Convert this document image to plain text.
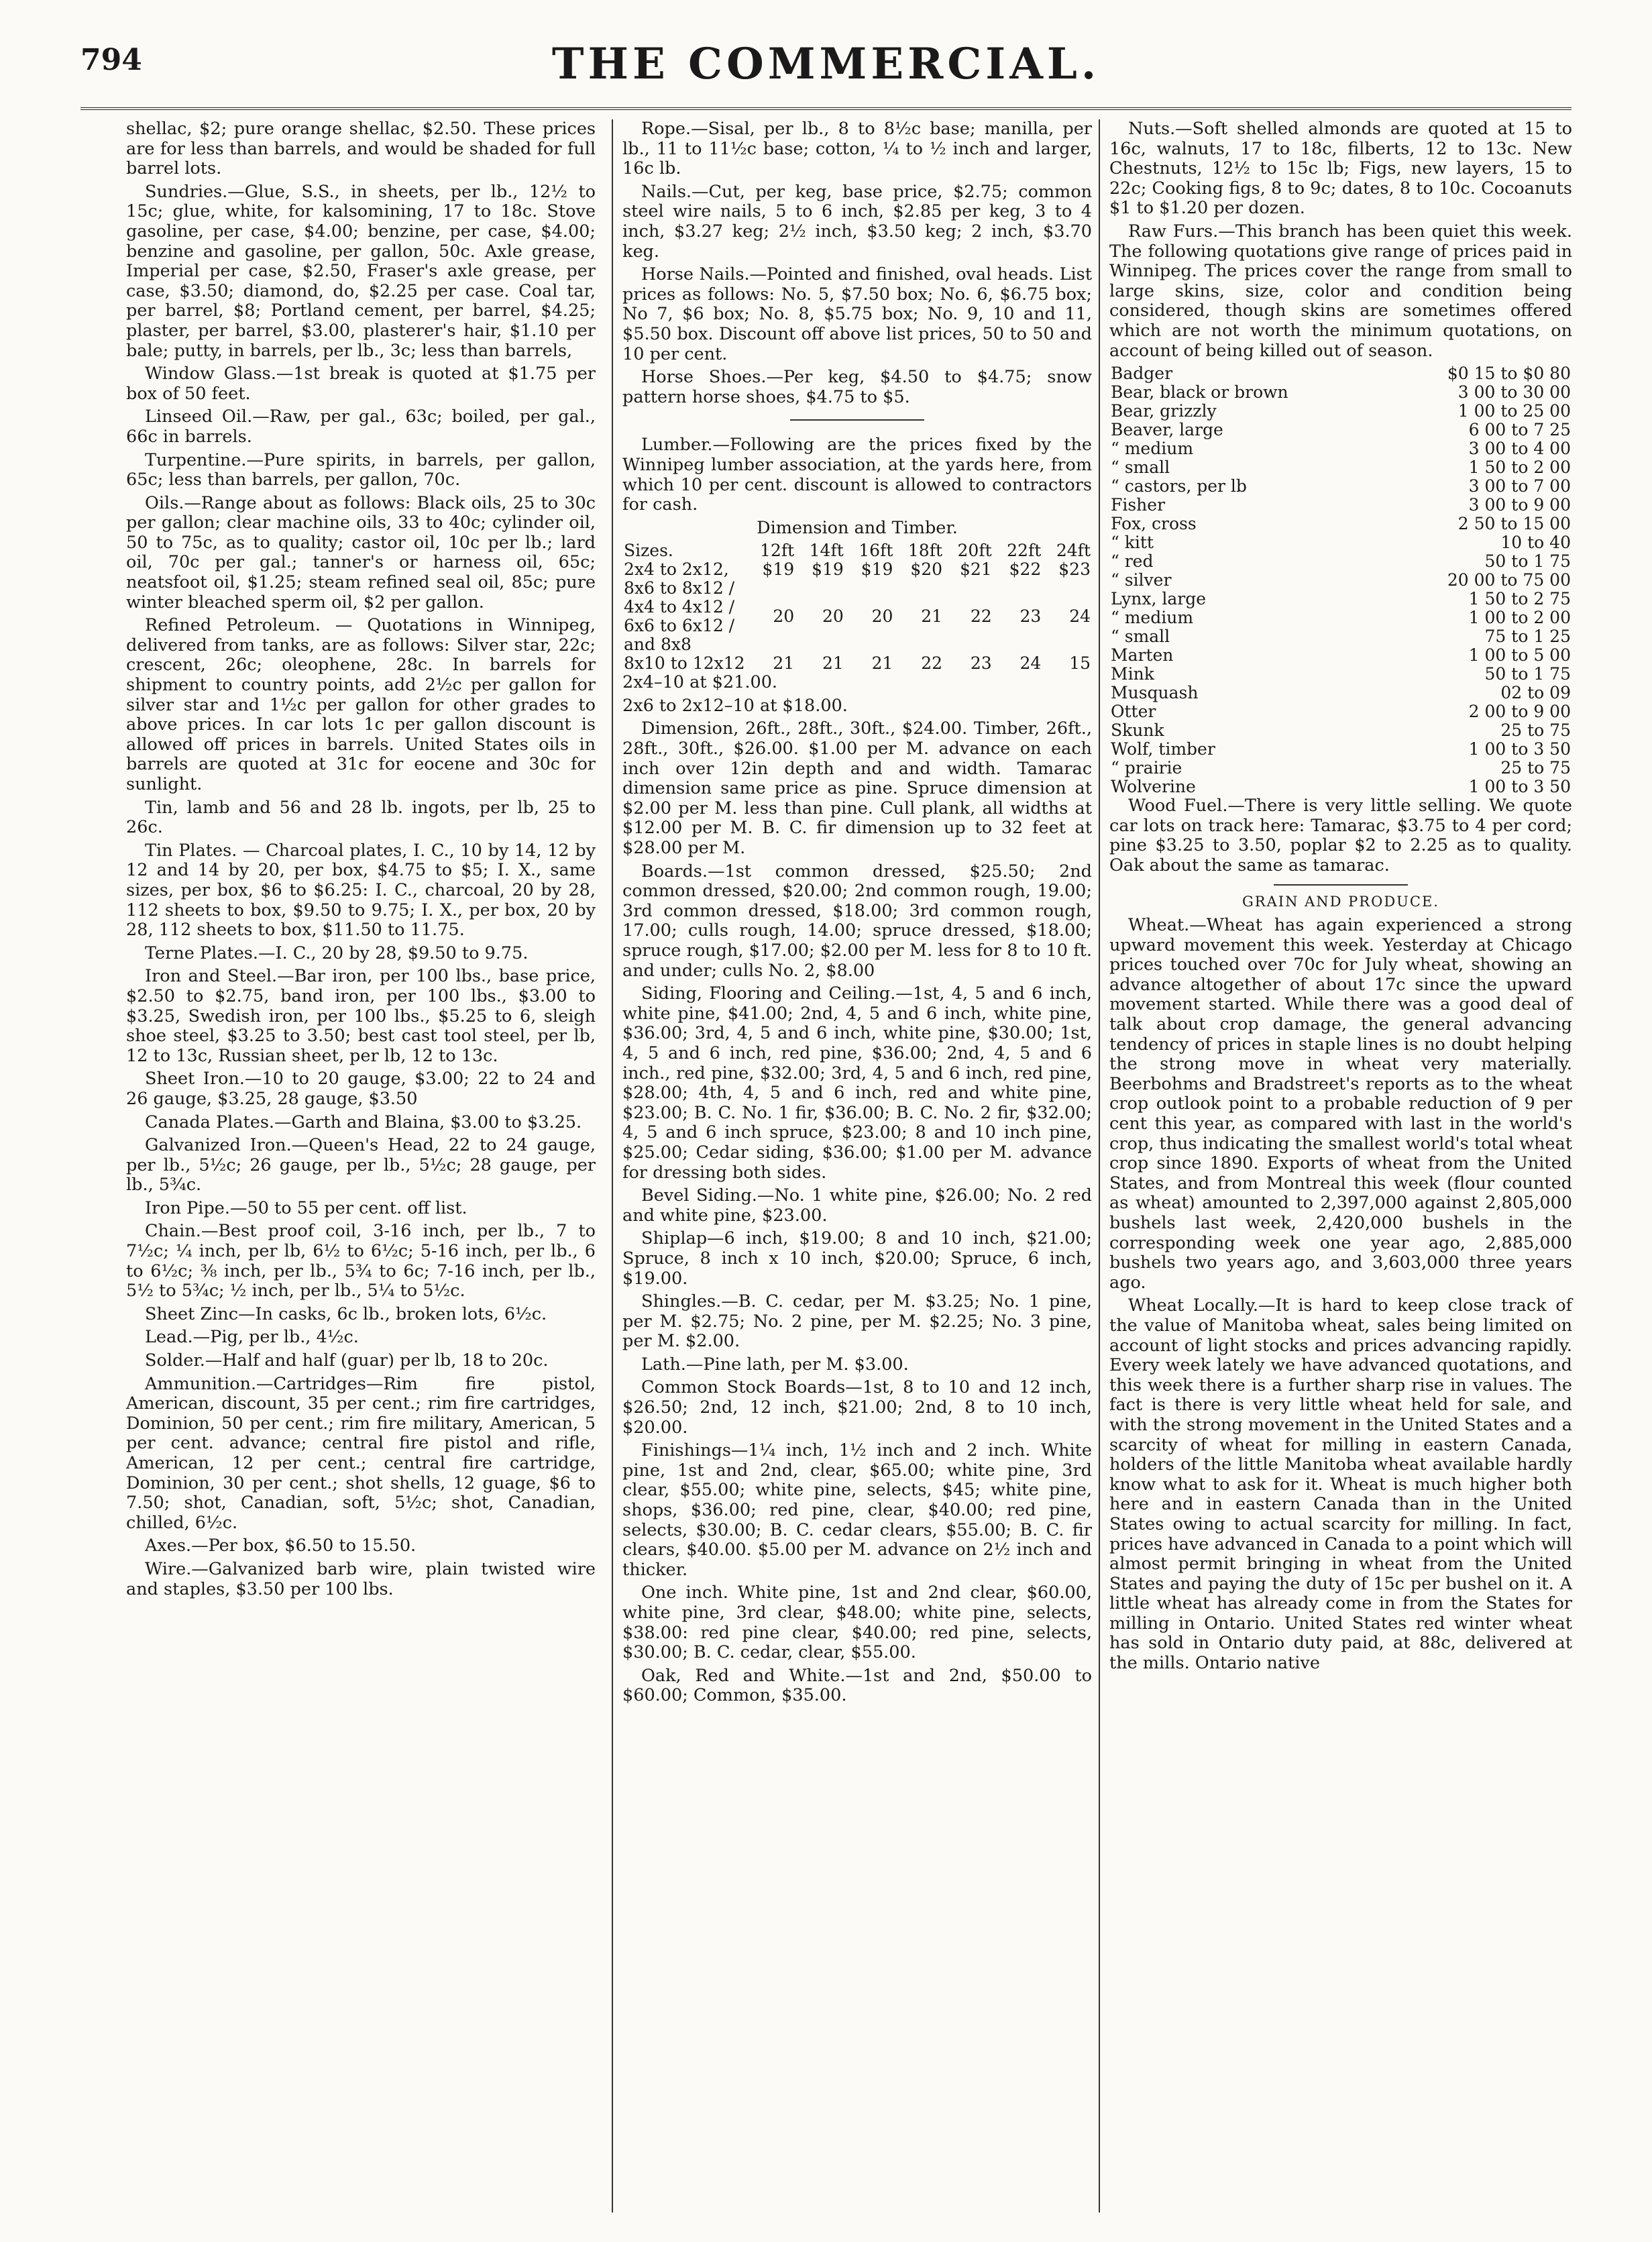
794	THE COMMERCIAL.

shellac, $2; pure orange shellac, $2.50. These prices are for less than barrels, and would be shaded for full barrel lots.

Sundries.—Glue, S.S., in sheets, per lb., 12½ to 15c; glue, white, for kalsomining, 17 to 18c. Stove gasoline, per case, $4.00; benzine, per case, $4.00; benzine and gasoline, per gallon, 50c. Axle grease, Imperial per case, $2.50, Fraser's axle grease, per case, $3.50; diamond, do, $2.25 per case. Coal tar, per barrel, $8; Portland cement, per barrel, $4.25; plaster, per barrel, $3.00, plasterer's hair, $1.10 per bale; putty, in barrels, per lb., 3c; less than barrels,

Window Glass.—1st break is quoted at $1.75 per box of 50 feet.

Linseed Oil.—Raw, per gal., 63c; boiled, per gal., 66c in barrels.

Turpentine.—Pure spirits, in barrels, per gallon, 65c; less than barrels, per gallon, 70c.

Oils.—Range about as follows: Black oils, 25 to 30c per gallon; clear machine oils, 33 to 40c; cylinder oil, 50 to 75c, as to quality; castor oil, 10c per lb.; lard oil, 70c per gal.; tanner's or harness oil, 65c; neatsfoot oil, $1.25; steam refined seal oil, 85c; pure winter bleached sperm oil, $2 per gallon.

Refined Petroleum. — Quotations in Winnipeg, delivered from tanks, are as follows: Silver star, 22c; crescent, 26c; oleophene, 28c. In barrels for shipment to country points, add 2½c per gallon for silver star and 1½c per gallon for other grades to above prices. In car lots 1c per gallon discount is allowed off prices in barrels. United States oils in barrels are quoted at 31c for eocene and 30c for sunlight.

Tin, lamb and 56 and 28 lb. ingots, per lb, 25 to 26c.

Tin Plates. — Charcoal plates, I. C., 10 by 14, 12 by 12 and 14 by 20, per box, $4.75 to $5; I. X., same sizes, per box, $6 to $6.25: I. C., charcoal, 20 by 28, 112 sheets to box, $9.50 to 9.75; I. X., per box, 20 by 28, 112 sheets to box, $11.50 to 11.75.

Terne Plates.—I. C., 20 by 28, $9.50 to 9.75.

Iron and Steel.—Bar iron, per 100 lbs., base price, $2.50 to $2.75, band iron, per 100 lbs., $3.00 to $3.25, Swedish iron, per 100 lbs., $5.25 to 6, sleigh shoe steel, $3.25 to 3.50; best cast tool steel, per lb, 12 to 13c, Russian sheet, per lb, 12 to 13c.

Sheet Iron.—10 to 20 gauge, $3.00; 22 to 24 and 26 gauge, $3.25, 28 gauge, $3.50

Canada Plates.—Garth and Blaina, $3.00 to $3.25.

Galvanized Iron.—Queen's Head, 22 to 24 gauge, per lb., 5½c; 26 gauge, per lb., 5½c; 28 gauge, per lb., 5¾c.

Iron Pipe.—50 to 55 per cent. off list.

Chain.—Best proof coil, 3-16 inch, per lb., 7 to 7½c; ¼ inch, per lb, 6½ to 6½c; 5-16 inch, per lb., 6 to 6½c; ⅜ inch, per lb., 5¾ to 6c; 7-16 inch, per lb., 5½ to 5¾c; ½ inch, per lb., 5¼ to 5½c.

Sheet Zinc—In casks, 6c lb., broken lots, 6½c.

Lead.—Pig, per lb., 4½c.

Solder.—Half and half (guar) per lb, 18 to 20c.

Ammunition.—Cartridges—Rim fire pistol, American, discount, 35 per cent.; rim fire cartridges, Dominion, 50 per cent.; rim fire military, American, 5 per cent. advance; central fire pistol and rifle, American, 12 per cent.; central fire cartridge, Dominion, 30 per cent.; shot shells, 12 guage, $6 to 7.50; shot, Canadian, soft, 5½c; shot, Canadian, chilled, 6½c.

Axes.—Per box, $6.50 to 15.50.

Wire.—Galvanized barb wire, plain twisted wire and staples, $3.50 per 100 lbs.

Rope.—Sisal, per lb., 8 to 8½c base; manilla, per lb., 11 to 11½c base; cotton, ¼ to ½ inch and larger, 16c lb.

Nails.—Cut, per keg, base price, $2.75; common steel wire nails, 5 to 6 inch, $2.85 per keg, 3 to 4 inch, $3.27 keg; 2½ inch, $3.50 keg; 2 inch, $3.70 keg.

Horse Nails.—Pointed and finished, oval heads. List prices as follows: No. 5, $7.50 box; No. 6, $6.75 box; No 7, $6 box; No. 8, $5.75 box; No. 9, 10 and 11, $5.50 box. Discount off above list prices, 50 to 50 and 10 per cent.

Horse Shoes.—Per keg, $4.50 to $4.75; snow pattern horse shoes, $4.75 to $5.

Lumber.—Following are the prices fixed by the Winnipeg lumber association, at the yards here, from which 10 per cent. discount is allowed to contractors for cash.

Dimension and Timber.

Sizes.	12ft	14ft	16ft	18ft	20ft	22ft	24ft
2x4 to 2x12,	$19	$19	$19	$20	$21	$22	$23
8x6 to 8x12 / 4x4 to 4x12 / 6x6 to 6x12 / and 8x8	20	20	20	21	22	23	24
8x10 to 12x12	21	21	21	22	23	24	15

2x4–10 at $21.00.

2x6 to 2x12–10 at $18.00.

Dimension, 26ft., 28ft., 30ft., $24.00. Timber, 26ft., 28ft., 30ft., $26.00. $1.00 per M. advance on each inch over 12in depth and and width. Tamarac dimension same price as pine. Spruce dimension at $2.00 per M. less than pine. Cull plank, all widths at $12.00 per M. B. C. fir dimension up to 32 feet at $28.00 per M.

Boards.—1st common dressed, $25.50; 2nd common dressed, $20.00; 2nd common rough, 19.00; 3rd common dressed, $18.00; 3rd common rough, 17.00; culls rough, 14.00; spruce dressed, $18.00; spruce rough, $17.00; $2.00 per M. less for 8 to 10 ft. and under; culls No. 2, $8.00

Siding, Flooring and Ceiling.—1st, 4, 5 and 6 inch, white pine, $41.00; 2nd, 4, 5 and 6 inch, white pine, $36.00; 3rd, 4, 5 and 6 inch, white pine, $30.00; 1st, 4, 5 and 6 inch, red pine, $36.00; 2nd, 4, 5 and 6 inch., red pine, $32.00; 3rd, 4, 5 and 6 inch, red pine, $28.00; 4th, 4, 5 and 6 inch, red and white pine, $23.00; B. C. No. 1 fir, $36.00; B. C. No. 2 fir, $32.00; 4, 5 and 6 inch spruce, $23.00; 8 and 10 inch pine, $25.00; Cedar siding, $36.00; $1.00 per M. advance for dressing both sides.

Bevel Siding.—No. 1 white pine, $26.00; No. 2 red and white pine, $23.00.

Shiplap—6 inch, $19.00; 8 and 10 inch, $21.00; Spruce, 8 inch x 10 inch, $20.00; Spruce, 6 inch, $19.00.

Shingles.—B. C. cedar, per M. $3.25; No. 1 pine, per M. $2.75; No. 2 pine, per M. $2.25; No. 3 pine, per M. $2.00.

Lath.—Pine lath, per M. $3.00.

Common Stock Boards—1st, 8 to 10 and 12 inch, $26.50; 2nd, 12 inch, $21.00; 2nd, 8 to 10 inch, $20.00.

Finishings—1¼ inch, 1½ inch and 2 inch. White pine, 1st and 2nd, clear, $65.00; white pine, 3rd clear, $55.00; white pine, selects, $45; white pine, shops, $36.00; red pine, clear, $40.00; red pine, selects, $30.00; B. C. cedar clears, $55.00; B. C. fir clears, $40.00. $5.00 per M. advance on 2½ inch and thicker.

One inch. White pine, 1st and 2nd clear, $60.00, white pine, 3rd clear, $48.00; white pine, selects, $38.00: red pine clear, $40.00; red pine, selects, $30.00; B. C. cedar, clear, $55.00.

Oak, Red and White.—1st and 2nd, $50.00 to $60.00; Common, $35.00.

Nuts.—Soft shelled almonds are quoted at 15 to 16c, walnuts, 17 to 18c, filberts, 12 to 13c. New Chestnuts, 12½ to 15c lb; Figs, new layers, 15 to 22c; Cooking figs, 8 to 9c; dates, 8 to 10c. Cocoanuts $1 to $1.20 per dozen.

Raw Furs.—This branch has been quiet this week. The following quotations give range of prices paid in Winnipeg. The prices cover the range from small to large skins, size, color and condition being considered, though skins are sometimes offered which are not worth the minimum quotations, on account of being killed out of season.

Badger	$0 15 to $0 80
Bear, black or brown	3 00 to 30 00
Bear, grizzly	1 00 to 25 00
Beaver, large	6 00 to 7 25
“ medium	3 00 to 4 00
“ small	1 50 to 2 00
“ castors, per lb	3 00 to 7 00
Fisher	3 00 to 9 00
Fox, cross	2 50 to 15 00
“ kitt	10 to 40
“ red	50 to 1 75
“ silver	20 00 to 75 00
Lynx, large	1 50 to 2 75
“ medium	1 00 to 2 00
“ small	75 to 1 25
Marten	1 00 to 5 00
Mink	50 to 1 75
Musquash	02 to 09
Otter	2 00 to 9 00
Skunk	25 to 75
Wolf, timber	1 00 to 3 50
“ prairie	25 to 75
Wolverine	1 00 to 3 50

Wood Fuel.—There is very little selling. We quote car lots on track here: Tamarac, $3.75 to 4 per cord; pine $3.25 to 3.50, poplar $2 to 2.25 as to quality. Oak about the same as tamarac.

GRAIN AND PRODUCE.

Wheat.—Wheat has again experienced a strong upward movement this week. Yesterday at Chicago prices touched over 70c for July wheat, showing an advance altogether of about 17c since the upward movement started. While there was a good deal of talk about crop damage, the general advancing tendency of prices in staple lines is no doubt helping the strong move in wheat very materially. Beerbohms and Bradstreet's reports as to the wheat crop outlook point to a probable reduction of 9 per cent this year, as compared with last in the world's crop, thus indicating the smallest world's total wheat crop since 1890. Exports of wheat from the United States, and from Montreal this week (flour counted as wheat) amounted to 2,397,000 against 2,805,000 bushels last week, 2,420,000 bushels in the corresponding week one year ago, 2,885,000 bushels two years ago, and 3,603,000 three years ago.

Wheat Locally.—It is hard to keep close track of the value of Manitoba wheat, sales being limited on account of light stocks and prices advancing rapidly. Every week lately we have advanced quotations, and this week there is a further sharp rise in values. The fact is there is very little wheat held for sale, and with the strong movement in the United States and a scarcity of wheat for milling in eastern Canada, holders of the little Manitoba wheat available hardly know what to ask for it. Wheat is much higher both here and in eastern Canada than in the United States owing to actual scarcity for milling. In fact, prices have advanced in Canada to a point which will almost permit bringing in wheat from the United States and paying the duty of 15c per bushel on it. A little wheat has already come in from the States for milling in Ontario. United States red winter wheat has sold in Ontario duty paid, at 88c, delivered at the mills. Ontario native
